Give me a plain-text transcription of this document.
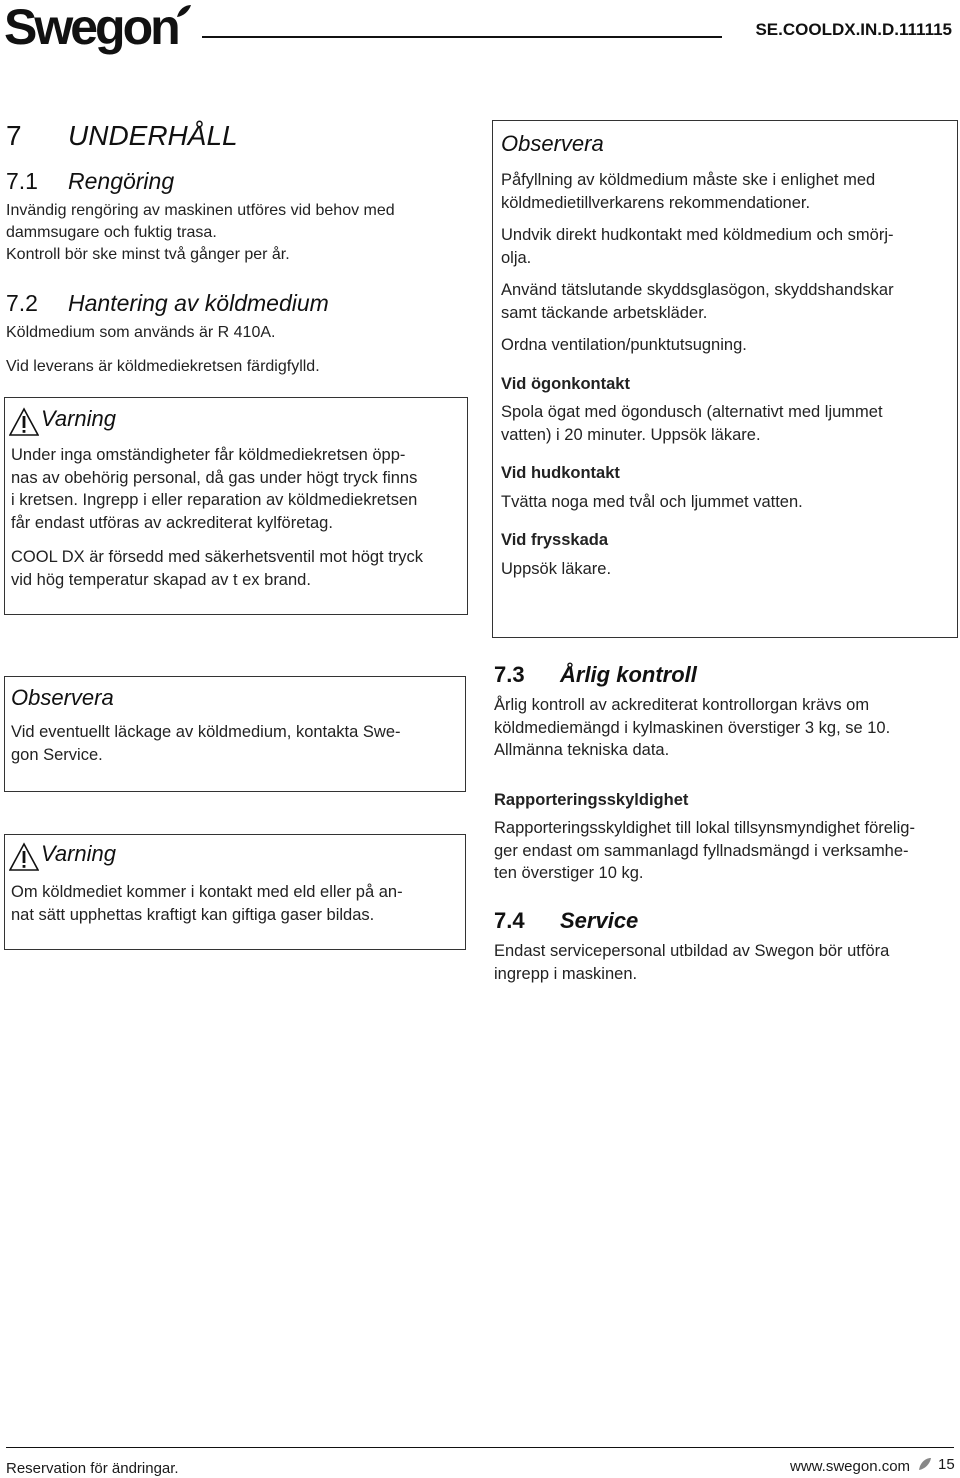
Swegon	SE.COOLDX.IN.D.111115
7 UNDERHÅLL
7.1 Rengöring

Invändig rengöring av maskinen utföres vid behov med

dammsugare och fuktig trasa.

Kontroll bör ske minst två gånger per år.

7.2 Hantering av köldmedium

Köldmedium som används är R 410A.

Vid leverans är köldmediekretsen färdigfylld.

Varning

Under inga omständigheter får köldmediekretsen öpp-

nas av obehörig personal, då gas under högt tryck finns

i kretsen. Ingrepp i eller reparation av köldmediekretsen

får endast utföras av ackrediterat kylföretag.

COOL DX är försedd med säkerhetsventil mot högt tryck

vid hög temperatur skapad av t ex brand.

Observera

Påfyllning av köldmedium måste ske i enlighet med

köldmedietillverkarens rekommendationer.

Undvik direkt hudkontakt med köldmedium och smörj-

olja.

Använd tätslutande skyddsglasögon, skyddshandskar

samt täckande arbetskläder.

Ordna ventilation/punktutsugning.

Vid ögonkontakt

Spola ögat med ögondusch (alternativt med ljummet

vatten) i 20 minuter. Uppsök läkare.

Vid hudkontakt

Tvätta noga med tvål och ljummet vatten.

Vid frysskada

Uppsök läkare.

Observera

Vid eventuellt läckage av köldmedium, kontakta Swe-

gon Service.

Varning

Om köldmediet kommer i kontakt med eld eller på an-

nat sätt upphettas kraftigt kan giftiga gaser bildas.

7.3 Årlig kontroll

Årlig kontroll av ackrediterat kontrollorgan krävs om

köldmediemängd i kylmaskinen överstiger 3 kg, se 10.

Allmänna tekniska data.

Rapporteringsskyldighet

Rapporteringsskyldighet till lokal tillsynsmyndighet förelig-

ger endast om sammanlagd fyllnadsmängd i verksamhe-

ten överstiger 10 kg.

7.4 Service

Endast servicepersonal utbildad av Swegon bör utföra

ingrepp i maskinen.

Reservation för ändringar.	www.swegon.com 15
